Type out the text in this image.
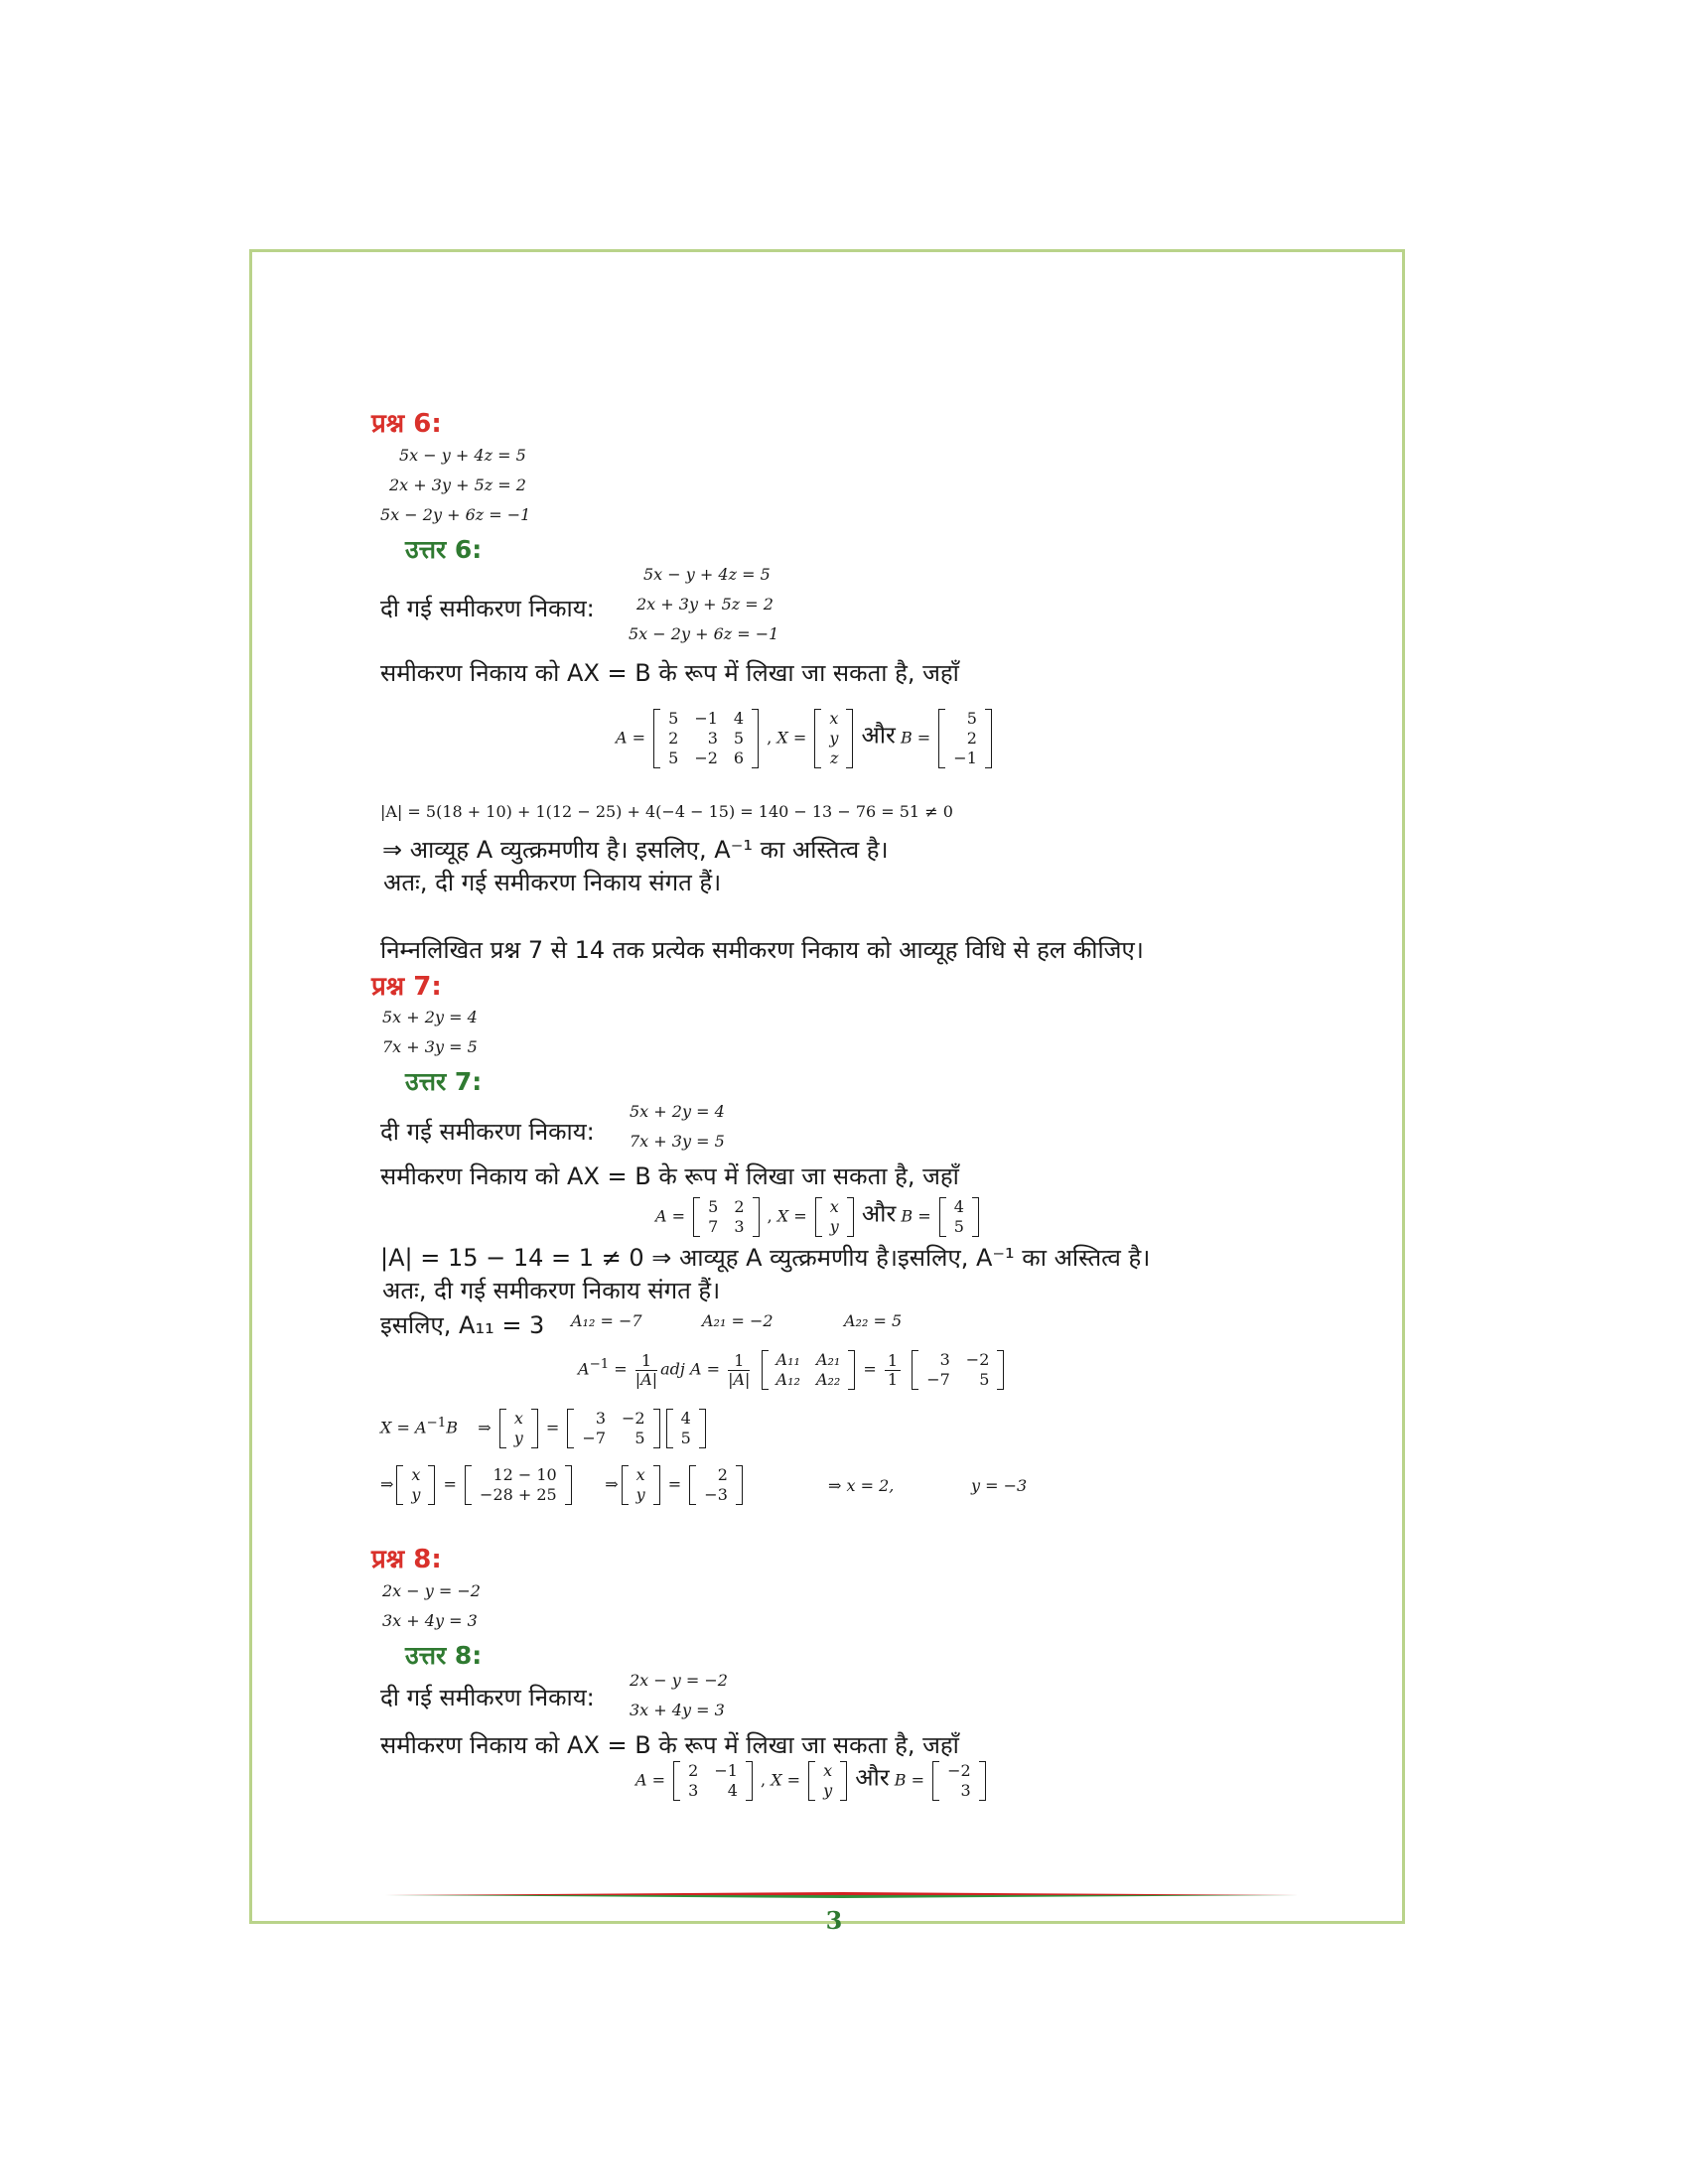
प्रश्न 6:
5x − y + 4z = 5
2x + 3y + 5z = 2
5x − 2y + 6z = −1
उत्तर 6:
दी गई समीकरण निकाय:
5x − y + 4z = 5
2x + 3y + 5z = 2
5x − 2y + 6z = −1
समीकरण निकाय को AX = B के रूप में लिखा जा सकता है, जहाँ
A =
5	−1	4
2	3	5
5	−2	6
, X =
x
y
z
और B =
5
2
−1
|A| = 5(18 + 10) + 1(12 − 25) + 4(−4 − 15) = 140 − 13 − 76 = 51 ≠ 0
⇒ आव्यूह A व्युत्क्रमणीय है। इसलिए, A⁻¹ का अस्तित्व है।
अतः, दी गई समीकरण निकाय संगत हैं।
निम्नलिखित प्रश्न 7 से 14 तक प्रत्येक समीकरण निकाय को आव्यूह विधि से हल कीजिए।
प्रश्न 7:
5x + 2y = 4
7x + 3y = 5
उत्तर 7:
दी गई समीकरण निकाय:
5x + 2y = 4
7x + 3y = 5
समीकरण निकाय को AX = B के रूप में लिखा जा सकता है, जहाँ
A = 5	2
7	3
, X = x
y और B = 4
5
|A| = 15 − 14 = 1 ≠ 0 ⇒ आव्यूह A व्युत्क्रमणीय है।इसलिए, A⁻¹ का अस्तित्व है।
अतः, दी गई समीकरण निकाय संगत हैं।
इसलिए, A₁₁ = 3 A₁₂ = −7	A₂₁ = −2	A₂₂ = 5
$A^{-1} = \frac{1}{|A|}$ adj $A = \frac{1}{|A|}$
A₁₁	A₂₁
A₁₂	A₂₂
= $\frac{1}{1}$
3	−2
−7	5
$X = A^{-1}B$    ⇒ x
y
= 3	−2
−7	5
4
5
⇒ x
y
= 12 − 10
−28 + 25
⇒ x
y
= 2
−3	⇒ x = 2,	y = −3
प्रश्न 8:
2x − y = −2
3x + 4y = 3
उत्तर 8:
दी गई समीकरण निकाय:
2x − y = −2
3x + 4y = 3
समीकरण निकाय को AX = B के रूप में लिखा जा सकता है, जहाँ
A = 2	−1
3	4
, X = x
y और B = −2
3
3
